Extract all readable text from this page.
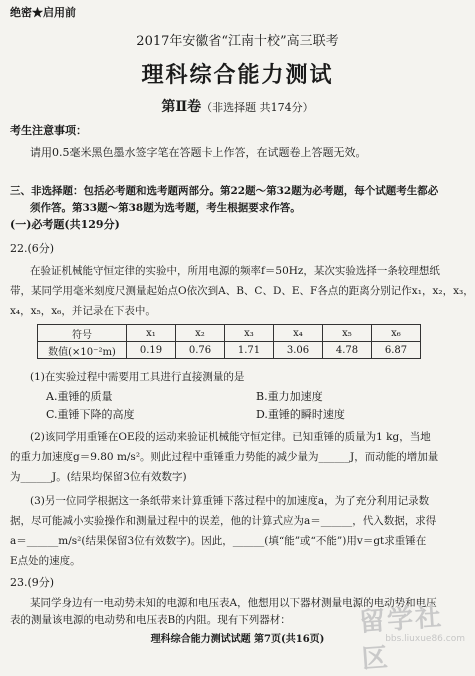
绝密★启用前
2017年安徽省“江南十校”高三联考
理科综合能力测试
第Ⅱ卷（非选择题 共174分）
考生注意事项：
请用0.5毫米黑色墨水签字笔在答题卡上作答，在试题卷上答题无效。
三、非选择题：包括必考题和选考题两部分。第22题～第32题为必考题，每个试题考生都必
须作答。第33题～第38题为选考题，考生根据要求作答。
(一)必考题(共129分)
22.(6分)
在验证机械能守恒定律的实验中，所用电源的频率f＝50Hz，某次实验选择一条较理想纸
带，某同学用毫米刻度尺测量起始点O依次到A、B、C、D、E、F各点的距离分别记作x₁，x₂，x₃，
x₄，x₅，x₆，并记录在下表中。
符号	x₁	x₂	x₃	x₄	x₅	x₆
数值(×10⁻²m)	0.19	0.76	1.71	3.06	4.78	6.87
(1)在实验过程中需要用工具进行直接测量的是
A.重锤的质量	B.重力加速度
C.重锤下降的高度	D.重锤的瞬时速度
(2)该同学用重锤在OE段的运动来验证机械能守恒定律。已知重锤的质量为1 kg，当地
的重力加速度g＝9.80 m/s²。则此过程中重锤重力势能的减少量为______J，而动能的增加量
为______J。(结果均保留3位有效数字)
(3)另一位同学根据这一条纸带来计算重锤下落过程中的加速度a，为了充分利用记录数
据，尽可能减小实验操作和测量过程中的误差，他的计算式应为a＝______，代入数据，求得
a＝______m/s²(结果保留3位有效数字)。因此，______(填“能”或“不能”)用v＝gt求重锤在
E点处的速度。
23.(9分)
某同学身边有一电动势未知的电源和电压表A，他想用以下器材测量电源的电动势和电压
表的测量该电源的电动势和电压表B的内阻。现有下列器材：	留学社区
bbs.liuxue86.com
理科综合能力测试试题 第7页(共16页)
